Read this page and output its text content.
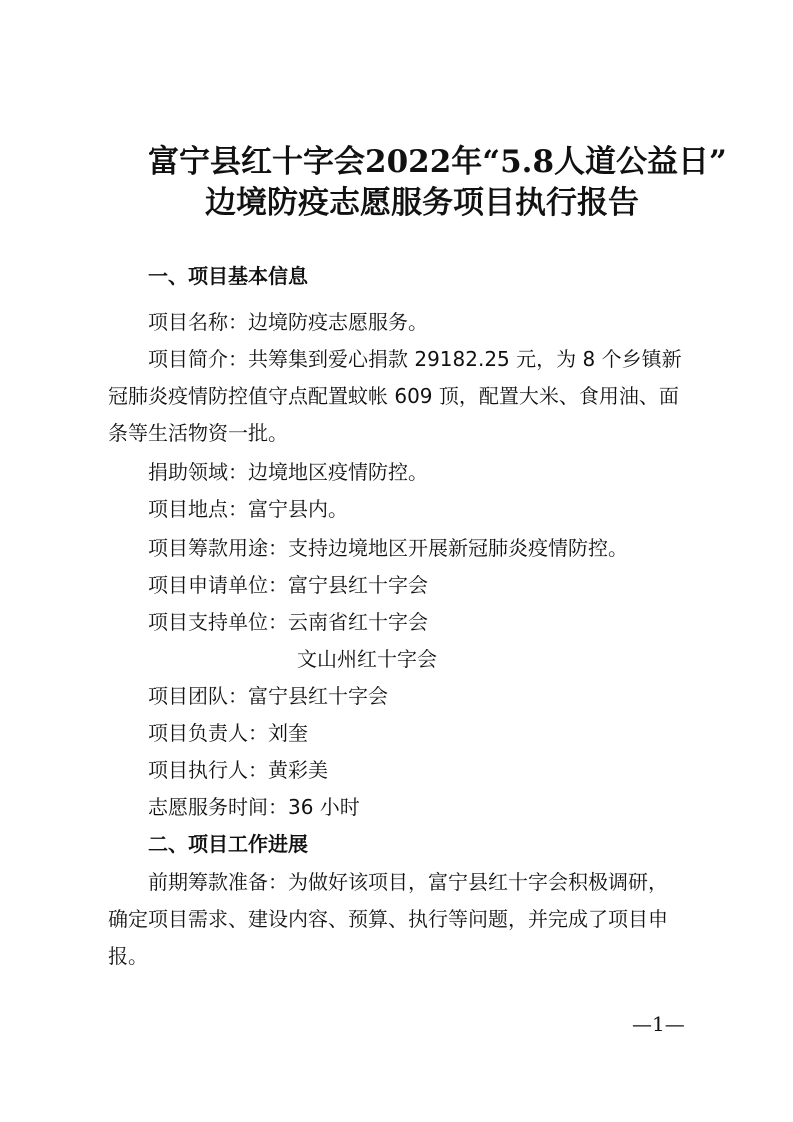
富宁县红十字会2022年“5.8人道公益日”
边境防疫志愿服务项目执行报告
一、项目基本信息
项目名称：边境防疫志愿服务。
项目简介：共筹集到爱心捐款 29182.25 元，为 8 个乡镇新
冠肺炎疫情防控值守点配置蚊帐 609 顶，配置大米、食用油、面
条等生活物资一批。
捐助领域：边境地区疫情防控。
项目地点：富宁县内。
项目筹款用途：支持边境地区开展新冠肺炎疫情防控。
项目申请单位：富宁县红十字会
项目支持单位：云南省红十字会
文山州红十字会
项目团队：富宁县红十字会
项目负责人：刘奎
项目执行人：黄彩美
志愿服务时间：36 小时
二、项目工作进展
前期筹款准备：为做好该项目，富宁县红十字会积极调研，
确定项目需求、建设内容、预算、执行等问题，并完成了项目申
报。
—1—
